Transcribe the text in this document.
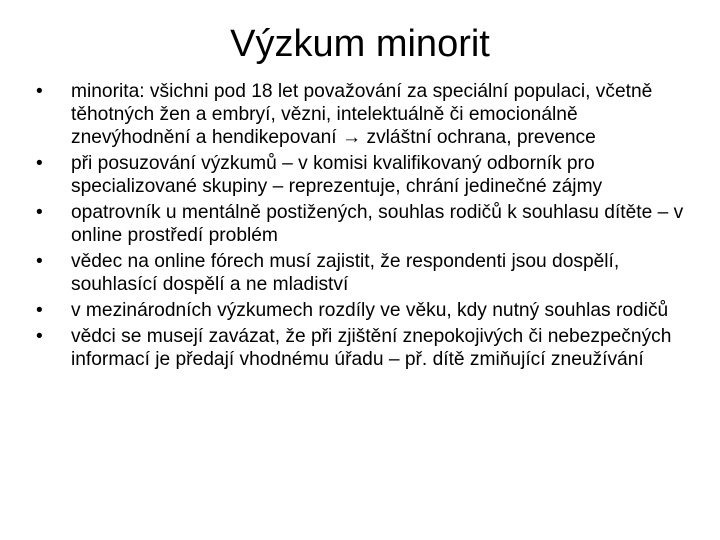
Výzkum minorit
•	minorita: všichni pod 18 let považování za speciální populaci, včetně těhotných žen a embryí, vězni, intelektuálně či emocionálně znevýhodnění a hendikepovaní → zvláštní ochrana, prevence
•	při posuzování výzkumů – v komisi kvalifikovaný odborník pro specializované skupiny – reprezentuje, chrání jedinečné zájmy
•	opatrovník u mentálně postižených, souhlas rodičů k souhlasu dítěte – v online prostředí problém
•	vědec na online fórech musí zajistit, že respondenti jsou dospělí, souhlasící dospělí a ne mladiství
•	v mezinárodních výzkumech rozdíly ve věku, kdy nutný souhlas rodičů
•	vědci se musejí zavázat, že při zjištění znepokojivých či nebezpečných informací je předají vhodnému úřadu – př. dítě zmiňující zneužívání
